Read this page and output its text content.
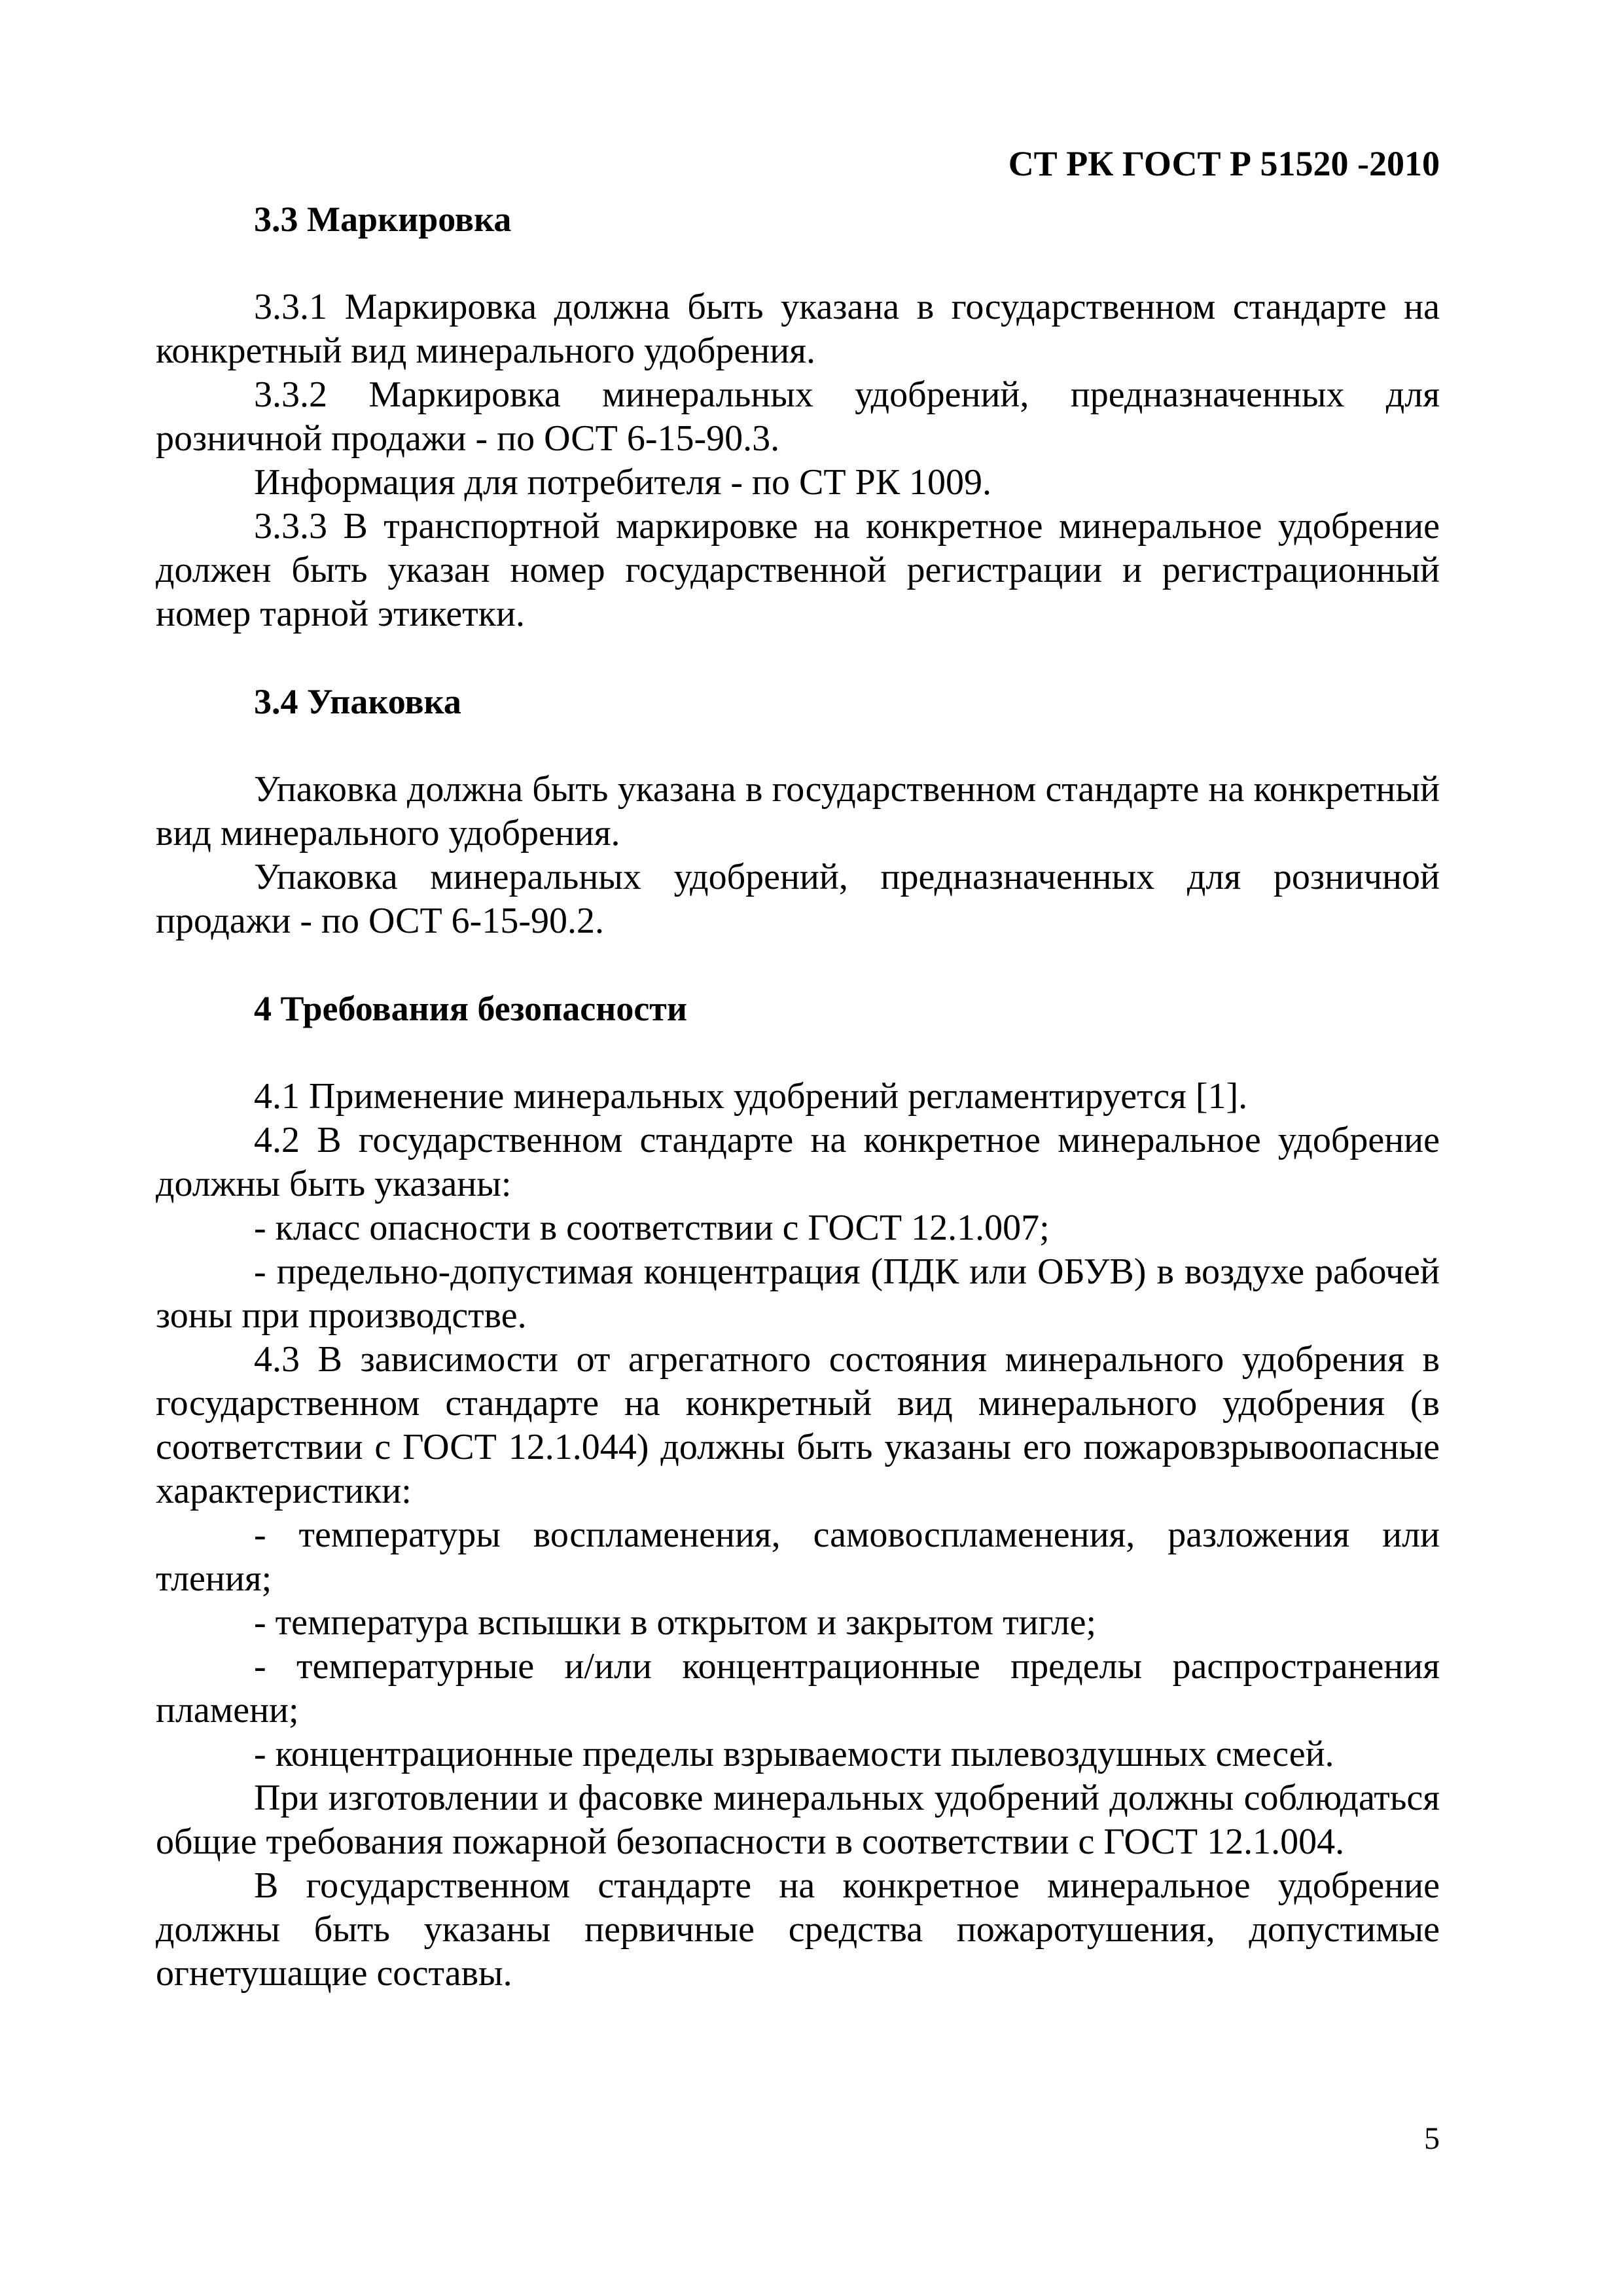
СТ РК ГОСТ Р 51520 -2010

3.3 Маркировка

3.3.1 Маркировка должна быть указана в государственном стандарте на конкретный вид минерального удобрения.

3.3.2 Маркировка минеральных удобрений, предназначенных для розничной продажи - по ОСТ 6-15-90.3.

Информация для потребителя - по СТ РК 1009.

3.3.3 В транспортной маркировке на конкретное минеральное удобрение должен быть указан номер государственной регистрации и регистрационный номер тарной этикетки.

3.4 Упаковка

Упаковка должна быть указана в государственном стандарте на конкретный вид минерального удобрения.

Упаковка минеральных удобрений, предназначенных для розничной продажи - по ОСТ 6-15-90.2.

4 Требования безопасности

4.1 Применение минеральных удобрений регламентируется [1].

4.2 В государственном стандарте на конкретное минеральное удобрение должны быть указаны:

- класс опасности в соответствии с ГОСТ 12.1.007;

- предельно-допустимая концентрация (ПДК или ОБУВ) в воздухе рабочей зоны при производстве.

4.3 В зависимости от агрегатного состояния минерального удобрения в государственном стандарте на конкретный вид минерального удобрения (в соответствии с ГОСТ 12.1.044) должны быть указаны его пожаровзрывоопасные характеристики:

- температуры воспламенения, самовоспламенения, разложения или тления;

- температура вспышки в открытом и закрытом тигле;

- температурные и/или концентрационные пределы распространения пламени;

- концентрационные пределы взрываемости пылевоздушных смесей.

При изготовлении и фасовке минеральных удобрений должны соблюдаться общие требования пожарной безопасности в соответствии с ГОСТ 12.1.004.

В государственном стандарте на конкретное минеральное удобрение должны быть указаны первичные средства пожаротушения, допустимые огнетушащие составы.

5
